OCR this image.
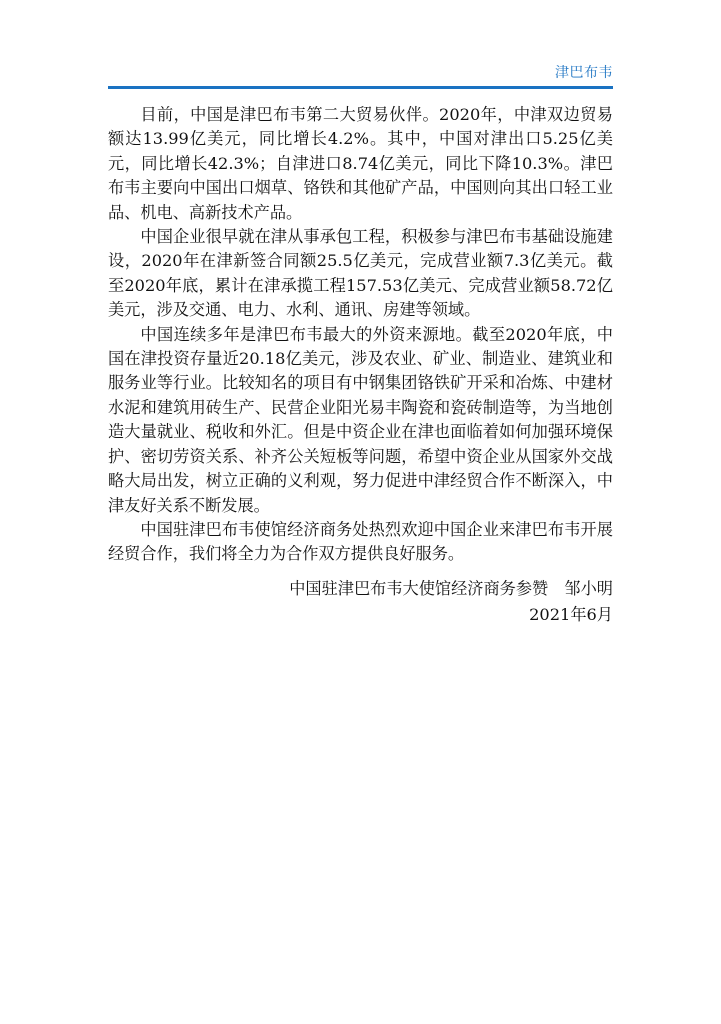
津巴布韦

目前，中国是津巴布韦第二大贸易伙伴。2020年，中津双边贸易额达13.99亿美元，同比增长4.2%。其中，中国对津出口5.25亿美元，同比增长42.3%；自津进口8.74亿美元，同比下降10.3%。津巴布韦主要向中国出口烟草、铬铁和其他矿产品，中国则向其出口轻工业品、机电、高新技术产品。

中国企业很早就在津从事承包工程，积极参与津巴布韦基础设施建设，2020年在津新签合同额25.5亿美元，完成营业额7.3亿美元。截至2020年底，累计在津承揽工程157.53亿美元、完成营业额58.72亿美元，涉及交通、电力、水利、通讯、房建等领域。

中国连续多年是津巴布韦最大的外资来源地。截至2020年底，中国在津投资存量近20.18亿美元，涉及农业、矿业、制造业、建筑业和服务业等行业。比较知名的项目有中钢集团铬铁矿开采和冶炼、中建材水泥和建筑用砖生产、民营企业阳光易丰陶瓷和瓷砖制造等，为当地创造大量就业、税收和外汇。但是中资企业在津也面临着如何加强环境保护、密切劳资关系、补齐公关短板等问题，希望中资企业从国家外交战略大局出发，树立正确的义利观，努力促进中津经贸合作不断深入，中津友好关系不断发展。

中国驻津巴布韦使馆经济商务处热烈欢迎中国企业来津巴布韦开展经贸合作，我们将全力为合作双方提供良好服务。

中国驻津巴布韦大使馆经济商务参赞　邹小明
2021年6月
